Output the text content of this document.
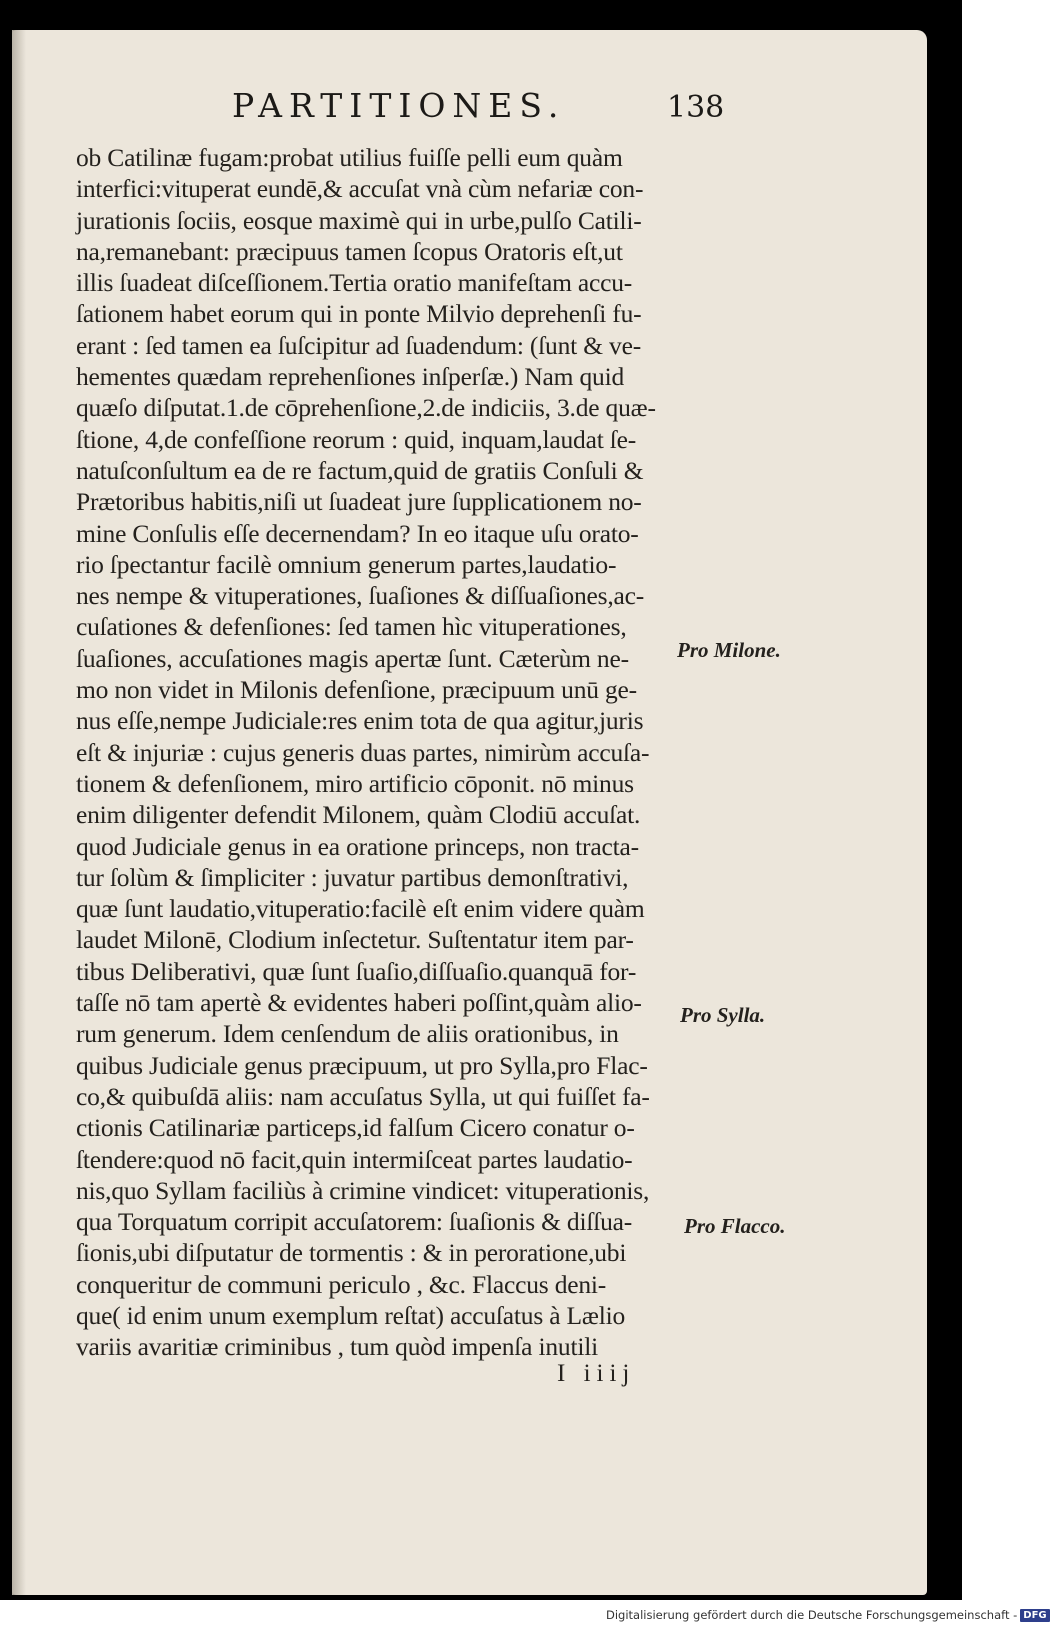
PARTITIONES.	138
ob Catilinæ fugam:probat utilius fuiſſe pelli eum quàm
interfici:vituperat eundē,& accuſat vnà cùm nefariæ con-
jurationis ſociis, eosque maximè qui in urbe,pulſo Catili-
na,remanebant: præcipuus tamen ſcopus Oratoris eſt,ut
illis ſuadeat diſceſſionem.Tertia oratio manifeſtam accu-
ſationem habet eorum qui in ponte Milvio deprehenſi fu-
erant : ſed tamen ea ſuſcipitur ad ſuadendum: (ſunt & ve-
hementes quædam reprehenſiones inſperſæ.) Nam quid
quæſo diſputat.1.de cōprehenſione,2.de indiciis, 3.de quæ-
ſtione, 4,de confeſſione reorum : quid, inquam,laudat ſe-
natuſconſultum ea de re factum,quid de gratiis Conſuli &
Prætoribus habitis,niſi ut ſuadeat jure ſupplicationem no-
mine Conſulis eſſe decernendam? In eo itaque uſu orato-
rio ſpectantur facilè omnium generum partes,laudatio-
nes nempe & vituperationes, ſuaſiones & diſſuaſiones,ac-
cuſationes & defenſiones: ſed tamen hìc vituperationes,
ſuaſiones, accuſationes magis apertæ ſunt. Cæterùm ne-
mo non videt in Milonis defenſione, præcipuum unū ge-
nus eſſe,nempe Judiciale:res enim tota de qua agitur,juris
eſt & injuriæ : cujus generis duas partes, nimirùm accuſa-
tionem & defenſionem, miro artificio cōponit. nō minus
enim diligenter defendit Milonem, quàm Clodiū accuſat.
quod Judiciale genus in ea oratione princeps, non tracta-
tur ſolùm & ſimpliciter : juvatur partibus demonſtrativi,
quæ ſunt laudatio,vituperatio:facilè eſt enim videre quàm
laudet Milonē, Clodium inſectetur. Suſtentatur item par-
tibus Deliberativi, quæ ſunt ſuaſio,diſſuaſio.quanquā for-
taſſe nō tam apertè & evidentes haberi poſſint,quàm alio-
rum generum. Idem cenſendum de aliis orationibus, in
quibus Judiciale genus præcipuum, ut pro Sylla,pro Flac-
co,& quibuſdā aliis: nam accuſatus Sylla, ut qui fuiſſet fa-
ctionis Catilinariæ particeps,id falſum Cicero conatur o-
ſtendere:quod nō facit,quin intermiſceat partes laudatio-
nis,quo Syllam faciliùs à crimine vindicet: vituperationis,
qua Torquatum corripit accuſatorem: ſuaſionis & diſſua-
ſionis,ubi diſputatur de tormentis : & in peroratione,ubi
conqueritur de communi periculo , &c. Flaccus deni-
que( id enim unum exemplum reſtat) accuſatus à Lælio
variis avaritiæ criminibus , tum quòd impenſa inutili
Pro Milone.
Pro Sylla.
Pro Flacco.
I iiij
Digitalisierung gefördert durch die Deutsche Forschungsgemeinschaft - DFG
